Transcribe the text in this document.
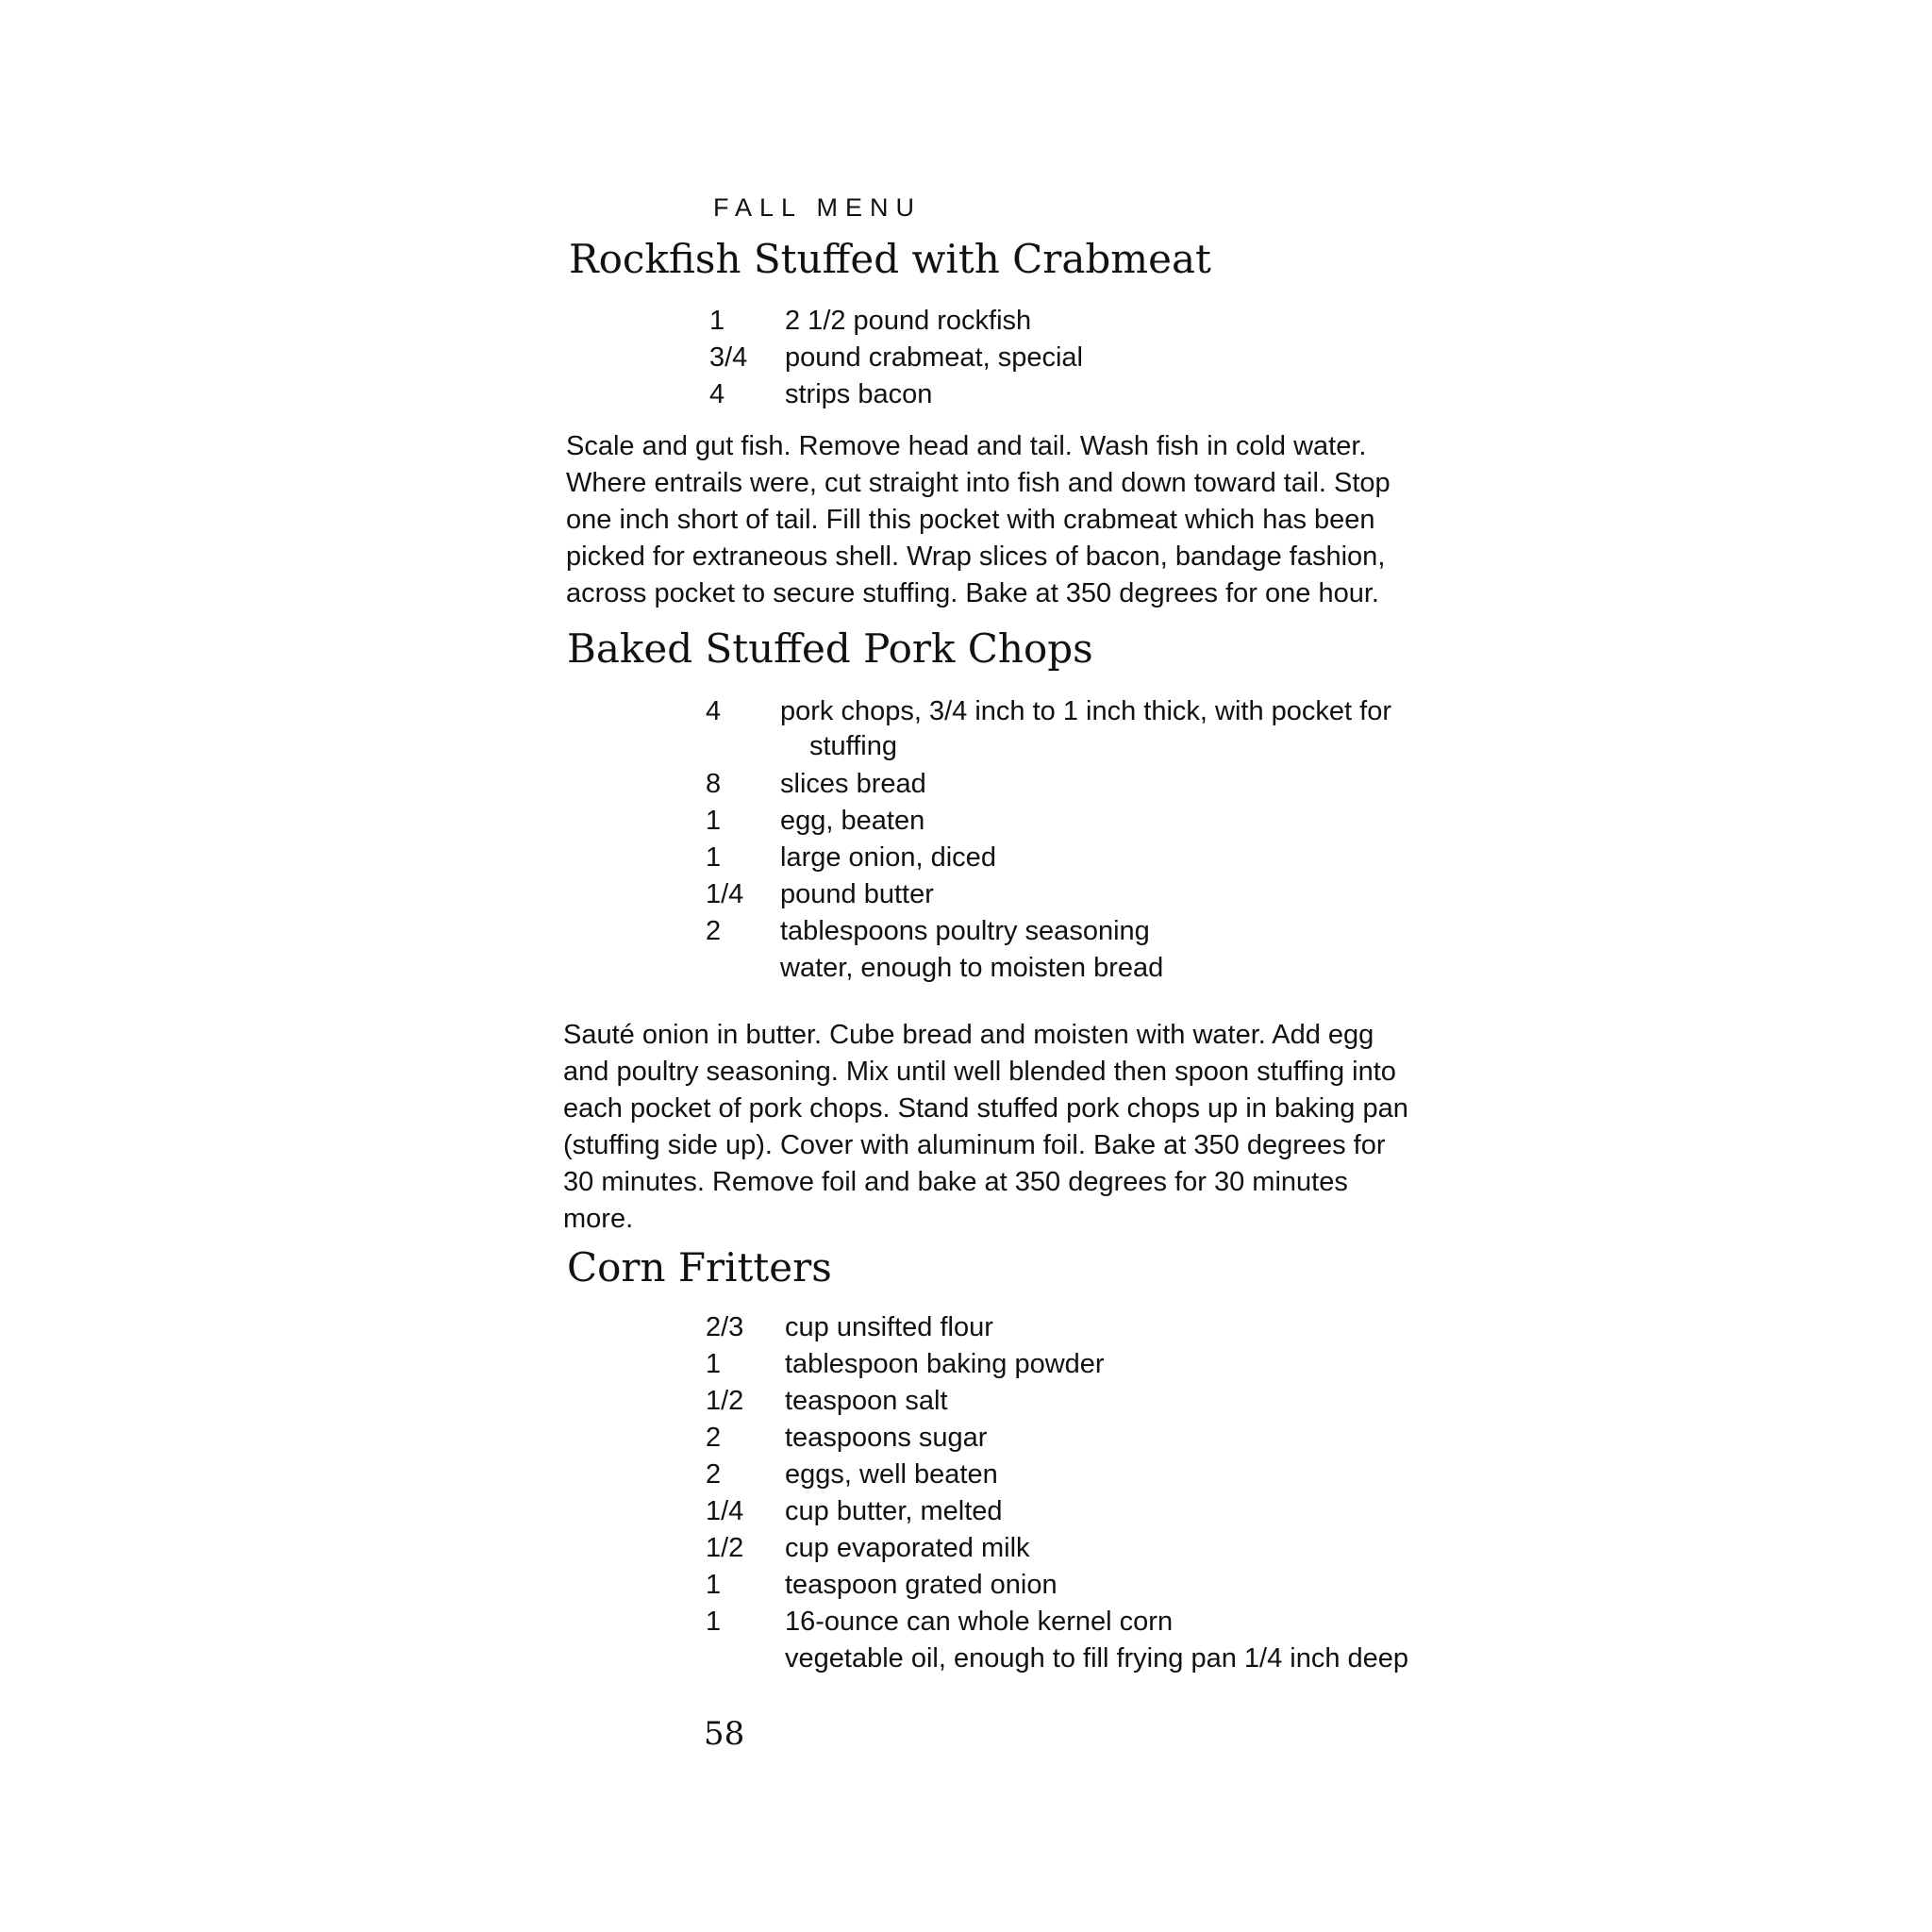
FALL MENU
Rockfish Stuffed with Crabmeat
1 2 1/2 pound rockfish
3/4 pound crabmeat, special
4 strips bacon
Scale and gut fish. Remove head and tail. Wash fish in cold water.
Where entrails were, cut straight into fish and down toward tail. Stop
one inch short of tail. Fill this pocket with crabmeat which has been
picked for extraneous shell. Wrap slices of bacon, bandage fashion,
across pocket to secure stuffing. Bake at 350 degrees for one hour.
Baked Stuffed Pork Chops
4 pork chops, 3/4 inch to 1 inch thick, with pocket for
stuffing
8 slices bread
1 egg, beaten
1 large onion, diced
1/4 pound butter
2 tablespoons poultry seasoning
water, enough to moisten bread
Sauté onion in butter. Cube bread and moisten with water. Add egg
and poultry seasoning. Mix until well blended then spoon stuffing into
each pocket of pork chops. Stand stuffed pork chops up in baking pan
(stuffing side up). Cover with aluminum foil. Bake at 350 degrees for
30 minutes. Remove foil and bake at 350 degrees for 30 minutes
more.
Corn Fritters
2/3 cup unsifted flour
1 tablespoon baking powder
1/2 teaspoon salt
2 teaspoons sugar
2 eggs, well beaten
1/4 cup butter, melted
1/2 cup evaporated milk
1 teaspoon grated onion
1 16-ounce can whole kernel corn
vegetable oil, enough to fill frying pan 1/4 inch deep
58
